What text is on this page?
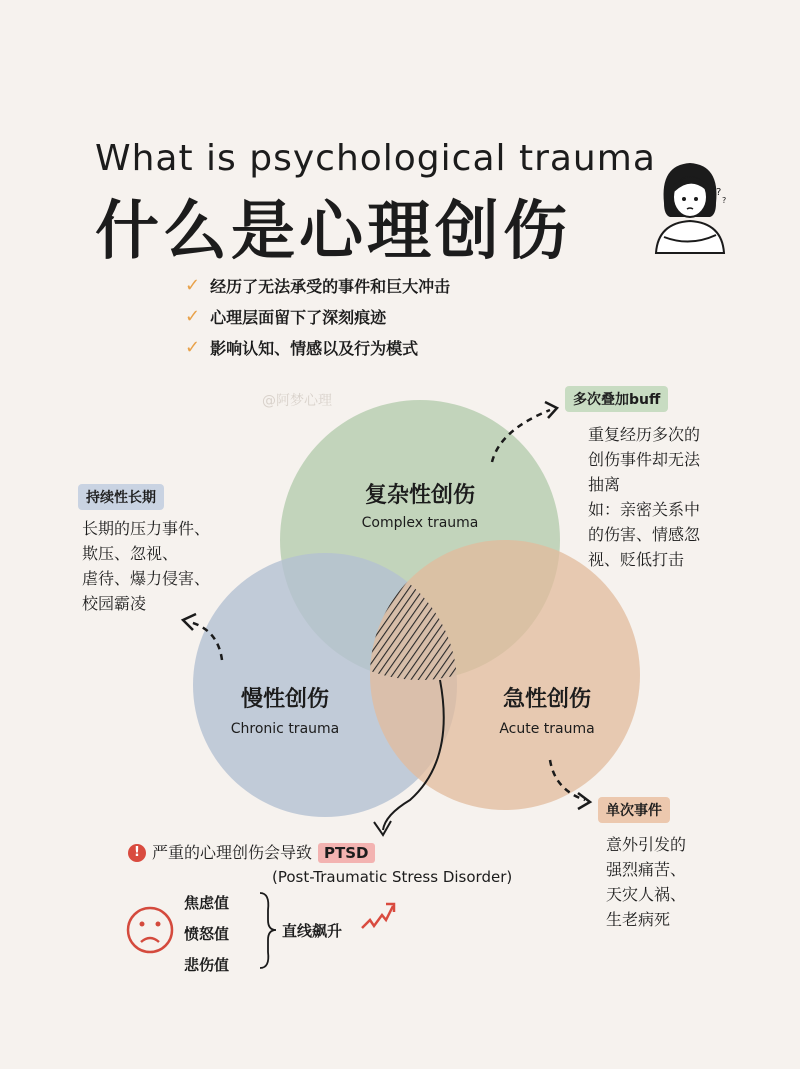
What is psychological trauma
什么是心理创伤
?
?
✓ 经历了无法承受的事件和巨大冲击
✓ 心理层面留下了深刻痕迹
✓ 影响认知、情感以及行为模式
@阿梦心理
复杂性创伤
Complex trauma
慢性创伤
Chronic trauma
急性创伤
Acute trauma
多次叠加buff
重复经历多次的
创伤事件却无法
抽离
如：亲密关系中
的伤害、情感忽
视、贬低打击
持续性长期
长期的压力事件、
欺压、忽视、
虐待、爆力侵害、
校园霸凌
单次事件
意外引发的
强烈痛苦、
天灾人祸、
生老病死
! 严重的心理创伤会导致 PTSD
(Post-Traumatic Stress Disorder)
焦虑值
愤怒值
悲伤值
直线飙升
